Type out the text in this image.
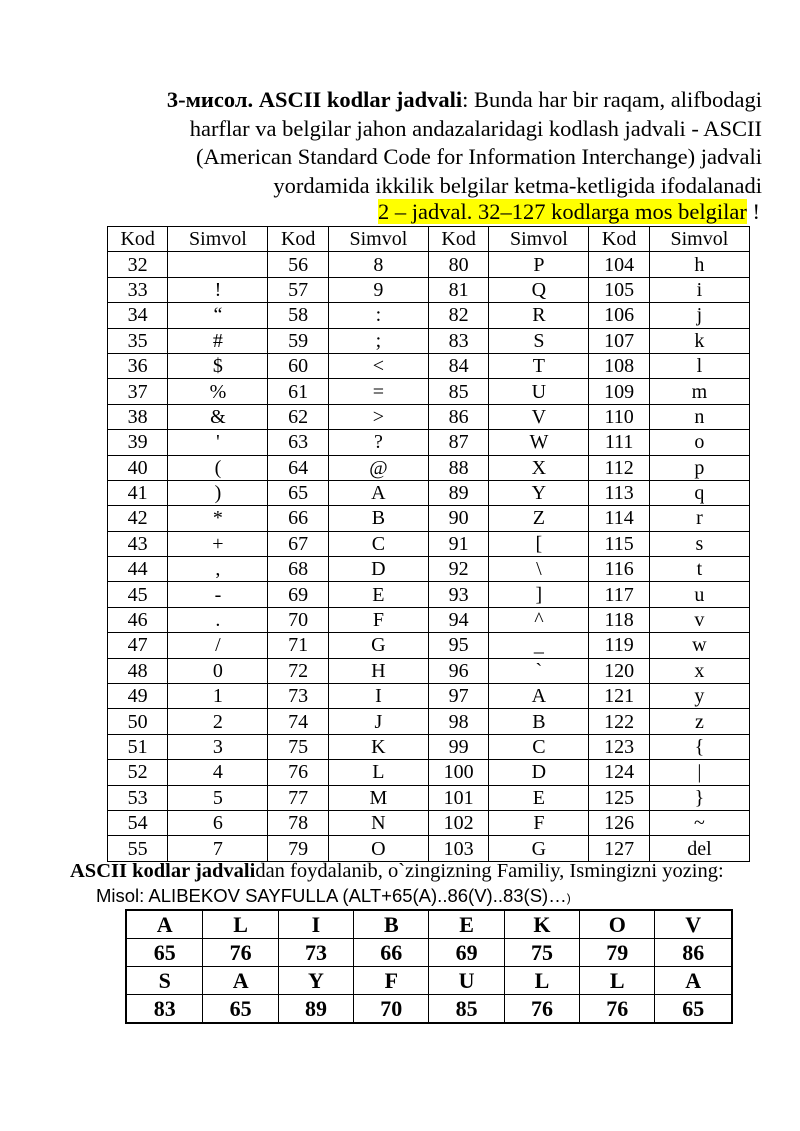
3-мисол. ASCII kodlar jadvali: Bunda har bir raqam, alifbodagi
harflar va belgilar jahon andazalaridagi kodlash jadvali - ASCII
(American Standard Code for Information Interchange) jadvali
yordamida ikkilik belgilar ketma-ketligida ifodalanadi
2 – jadval. 32–127 kodlarga mos belgilar !
Kod	Simvol	Kod	Simvol	Kod	Simvol	Kod	Simvol
32		56	8	80	P	104	h
33	!	57	9	81	Q	105	i
34	“	58	:	82	R	106	j
35	#	59	;	83	S	107	k
36	$	60	<	84	T	108	l
37	%	61	=	85	U	109	m
38	&	62	>	86	V	110	n
39	'	63	?	87	W	111	o
40	(	64	@	88	X	112	p
41	)	65	A	89	Y	113	q
42	*	66	B	90	Z	114	r
43	+	67	C	91	[	115	s
44	,	68	D	92	\	116	t
45	-	69	E	93	]	117	u
46	.	70	F	94	^	118	v
47	/	71	G	95	_	119	w
48	0	72	H	96	`	120	x
49	1	73	I	97	A	121	y
50	2	74	J	98	B	122	z
51	3	75	K	99	C	123	{
52	4	76	L	100	D	124	|
53	5	77	M	101	E	125	}
54	6	78	N	102	F	126	~
55	7	79	O	103	G	127	del
ASCII kodlar jadvalidan foydalanib, o`zingizning Familiy, Ismingizni yozing:
Misol: ALIBEKOV SAYFULLA (ALT+65(A)..86(V)..83(S)…)
A	L	I	B	E	K	O	V
65	76	73	66	69	75	79	86
S	A	Y	F	U	L	L	A
83	65	89	70	85	76	76	65
